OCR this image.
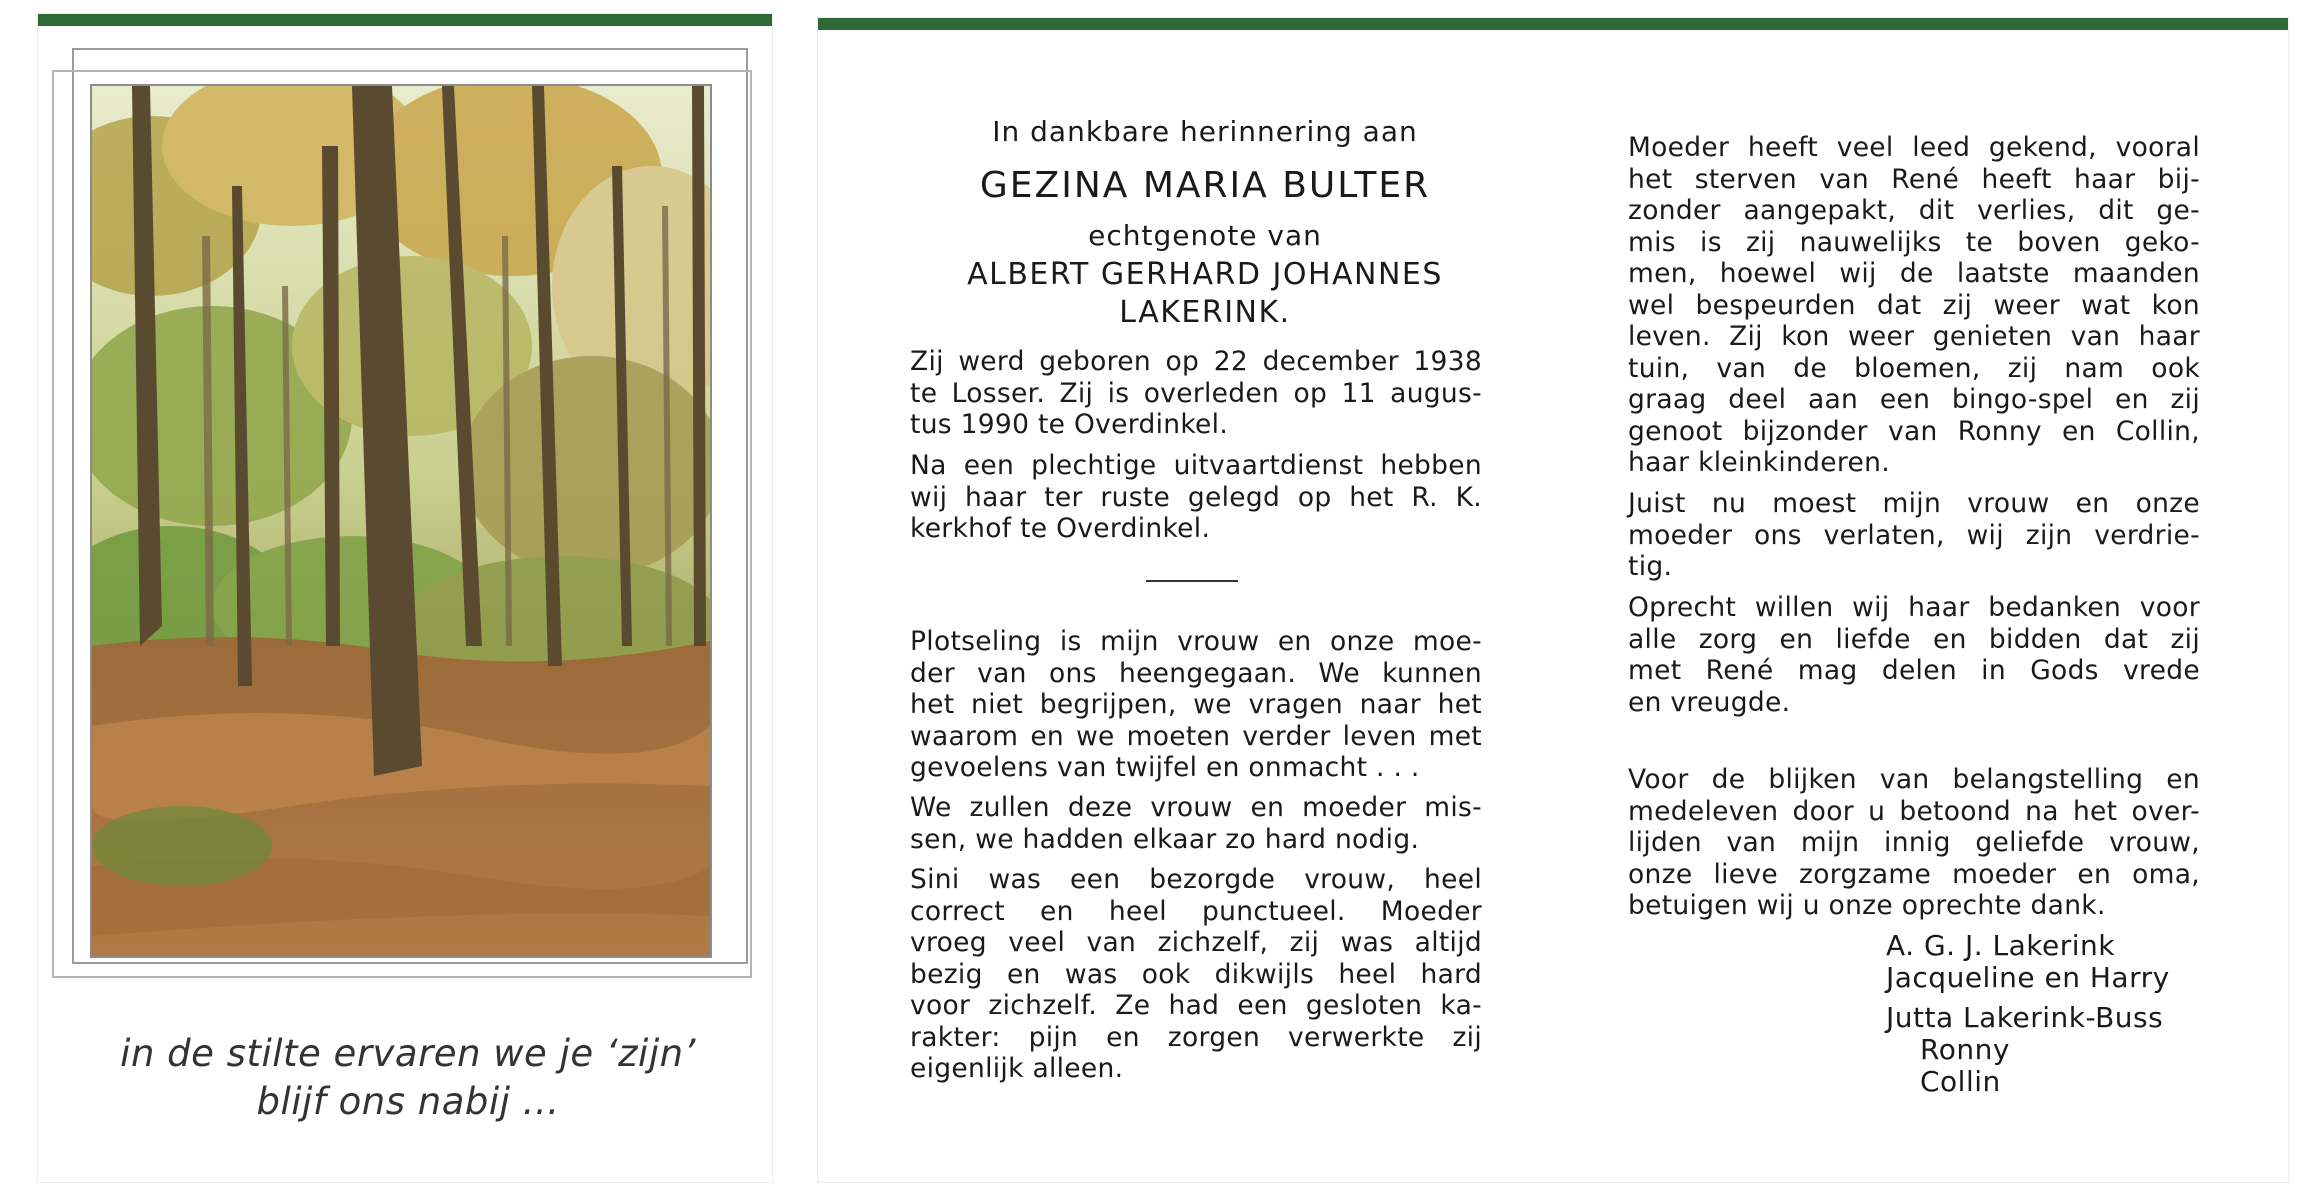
in de stilte ervaren we je ‘zijn’
blijf ons nabij ...
In dankbare herinnering aan
GEZINA MARIA BULTER
echtgenote van
ALBERT GERHARD JOHANNES
LAKERINK.
Zij werd geboren op 22 december 1938
te Losser. Zij is overleden op 11 augus-
tus 1990 te Overdinkel.
Na een plechtige uitvaartdienst hebben
wij haar ter ruste gelegd op het R. K.
kerkhof te Overdinkel.
Plotseling is mijn vrouw en onze moe-
der van ons heengegaan. We kunnen
het niet begrijpen, we vragen naar het
waarom en we moeten verder leven met
gevoelens van twijfel en onmacht . . .
We zullen deze vrouw en moeder mis-
sen, we hadden elkaar zo hard nodig.
Sini was een bezorgde vrouw, heel
correct en heel punctueel. Moeder
vroeg veel van zichzelf, zij was altijd
bezig en was ook dikwijls heel hard
voor zichzelf. Ze had een gesloten ka-
rakter: pijn en zorgen verwerkte zij
eigenlijk alleen.
Moeder heeft veel leed gekend, vooral
het sterven van René heeft haar bij-
zonder aangepakt, dit verlies, dit ge-
mis is zij nauwelijks te boven geko-
men, hoewel wij de laatste maanden
wel bespeurden dat zij weer wat kon
leven. Zij kon weer genieten van haar
tuin, van de bloemen, zij nam ook
graag deel aan een bingo-spel en zij
genoot bijzonder van Ronny en Collin,
haar kleinkinderen.
Juist nu moest mijn vrouw en onze
moeder ons verlaten, wij zijn verdrie-
tig.
Oprecht willen wij haar bedanken voor
alle zorg en liefde en bidden dat zij
met René mag delen in Gods vrede
en vreugde.
Voor de blijken van belangstelling en
medeleven door u betoond na het over-
lijden van mijn innig geliefde vrouw,
onze lieve zorgzame moeder en oma,
betuigen wij u onze oprechte dank.
A. G. J. Lakerink
Jacqueline en Harry
Jutta Lakerink-Buss
Ronny
Collin
